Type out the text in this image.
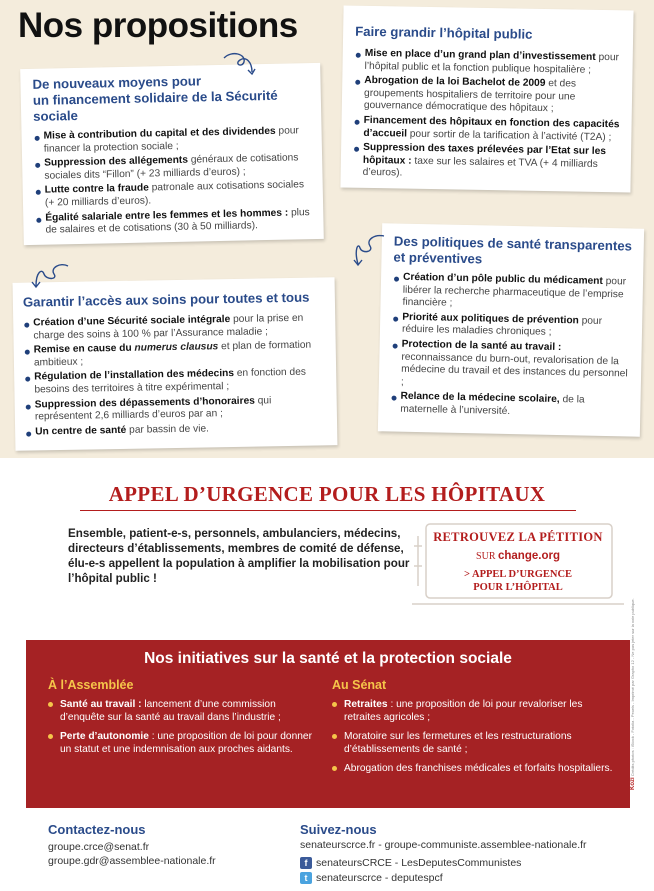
Nos propositions
De nouveaux moyens pour
un financement solidaire de la Sécurité sociale
Mise à contribution du capital et des dividendes pour financer la protection sociale ;
Suppression des allégements généraux de cotisations sociales dits “Fillon” (+ 23 milliards d’euros) ;
Lutte contre la fraude patronale aux cotisations sociales (+ 20 milliards d’euros).
Égalité salariale entre les femmes et les hommes : plus de salaires et de cotisations (30 à 50 milliards).
Faire grandir l’hôpital public
Mise en place d’un grand plan d’investissement pour l’hôpital public et la fonction publique hospitalière ;
Abrogation de la loi Bachelot de 2009 et des groupements hospitaliers de territoire pour une gouvernance démocratique des hôpitaux ;
Financement des hôpitaux en fonction des capacités d’accueil pour sortir de la tarification à l’activité (T2A) ;
Suppression des taxes prélevées par l’Etat sur les hôpitaux : taxe sur les salaires et TVA (+ 4 milliards d’euros).
Garantir l’accès aux soins pour toutes et tous
Création d’une Sécurité sociale intégrale pour la prise en charge des soins à 100 % par l’Assurance maladie ;
Remise en cause du numerus clausus et plan de formation ambitieux ;
Régulation de l’installation des médecins en fonction des besoins des territoires à titre expérimental ;
Suppression des dépassements d’honoraires qui représentent 2,6 milliards d’euros par an ;
Un centre de santé par bassin de vie.
Des politiques de santé transparentes
et préventives
Création d’un pôle public du médicament pour libérer la recherche pharmaceutique de l’emprise financière ;
Priorité aux politiques de prévention pour réduire les maladies chroniques ;
Protection de la santé au travail : reconnaissance du burn-out, revalorisation de la médecine du travail et des instances du personnel ;
Relance de la médecine scolaire, de la maternelle à l’université.
APPEL D’URGENCE POUR LES HÔPITAUX
Ensemble, patient-e-s, personnels, ambulanciers, médecins, directeurs d’établissements, membres de comité de défense, élu-e-s appellent la population à amplifier la mobilisation pour l’hôpital public !
RETROUVEZ LA PÉTITION
SUR change.org
> APPEL D’URGENCE
POUR L’HÔPITAL
Nos initiatives sur la santé et la protection sociale
À l’Assemblée
Santé au travail : lancement d’une commission d’enquête sur la santé au travail dans l’industrie ;
Perte d’autonomie : une proposition de loi pour donner un statut et une indemnisation aux proches aidants.
Au Sénat
Retraites : une proposition de loi pour revaloriser les retraites agricoles ;
Moratoire sur les fermetures et les restructurations d’établissements de santé ;
Abrogation des franchises médicales et forfaits hospitaliers.
Contactez-nous
groupe.crce@senat.fr
groupe.gdr@assemblee-nationale.fr
Suivez-nous
senateurscrce.fr - groupe-communiste.assemblee-nationale.fr
f senateursCRCE - LesDeputesCommunistes
t senateurscrce - deputespcf
Kozi Crédits photos : iStock - Fotolia - Pexels - Imprimé par Grapho 12 - Ne pas jeter sur la voie publique.
